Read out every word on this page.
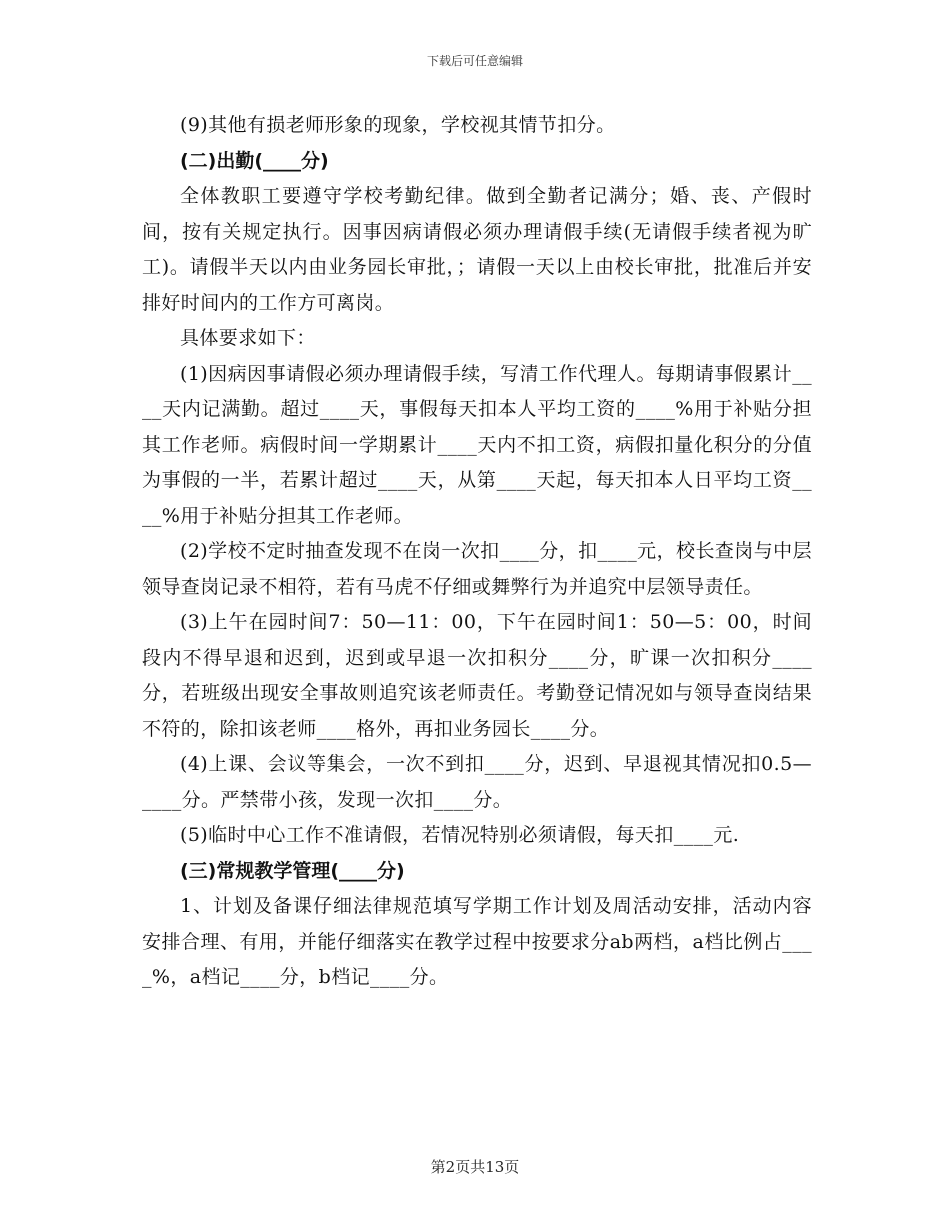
下载后可任意编辑

(9)其他有损老师形象的现象，学校视其情节扣分。

(二)出勤(____分)

全体教职工要遵守学校考勤纪律。做到全勤者记满分；婚、丧、产假时间，按有关规定执行。因事因病请假必须办理请假手续(无请假手续者视为旷工)。请假半天以内由业务园长审批，；请假一天以上由校长审批，批准后并安排好时间内的工作方可离岗。

具体要求如下：

(1)因病因事请假必须办理请假手续，写清工作代理人。每期请事假累计____天内记满勤。超过____天，事假每天扣本人平均工资的____%用于补贴分担其工作老师。病假时间一学期累计____天内不扣工资，病假扣量化积分的分值为事假的一半，若累计超过____天，从第____天起，每天扣本人日平均工资____%用于补贴分担其工作老师。

(2)学校不定时抽查发现不在岗一次扣____分，扣____元，校长查岗与中层领导查岗记录不相符，若有马虎不仔细或舞弊行为并追究中层领导责任。

(3)上午在园时间7：50—11：00，下午在园时间1：50—5：00，时间段内不得早退和迟到，迟到或早退一次扣积分____分，旷课一次扣积分____分，若班级出现安全事故则追究该老师责任。考勤登记情况如与领导查岗结果不符的，除扣该老师____格外，再扣业务园长____分。

(4)上课、会议等集会，一次不到扣____分，迟到、早退视其情况扣0.5—____分。严禁带小孩，发现一次扣____分。

(5)临时中心工作不准请假，若情况特别必须请假，每天扣____元.

(三)常规教学管理(____分)

1、计划及备课仔细法律规范填写学期工作计划及周活动安排，活动内容安排合理、有用，并能仔细落实在教学过程中按要求分ab两档，a档比例占____%，a档记____分，b档记____分。

第2页共13页
